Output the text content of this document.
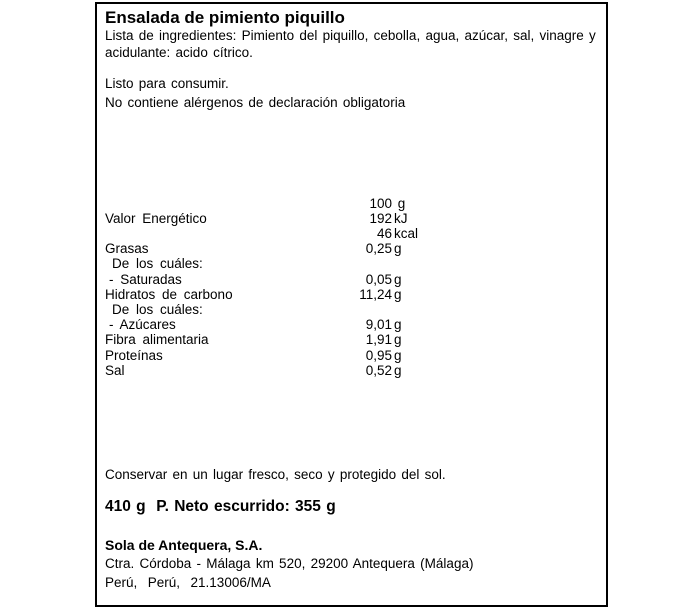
Ensalada de pimiento piquillo
Lista de ingredientes: Pimiento del piquillo, cebolla, agua, azúcar, sal, vinagre y
acidulante: acido cítrico.
Listo para consumir.
No contiene alérgenos de declaración obligatoria
100 g
Valor Energético	192 kJ
46 kcal
Grasas	0,25 g
De los cuáles:
- Saturadas	0,05 g
Hidratos de carbono	11,24 g
De los cuáles:
- Azúcares	9,01 g
Fibra alimentaria	1,91 g
Proteínas	0,95 g
Sal	0,52 g
Conservar en un lugar fresco, seco y protegido del sol.
410 g  P. Neto escurrido: 355 g
Sola de Antequera, S.A.
Ctra. Córdoba - Málaga km 520, 29200 Antequera (Málaga)
Perú,  Perú,  21.13006/MA
